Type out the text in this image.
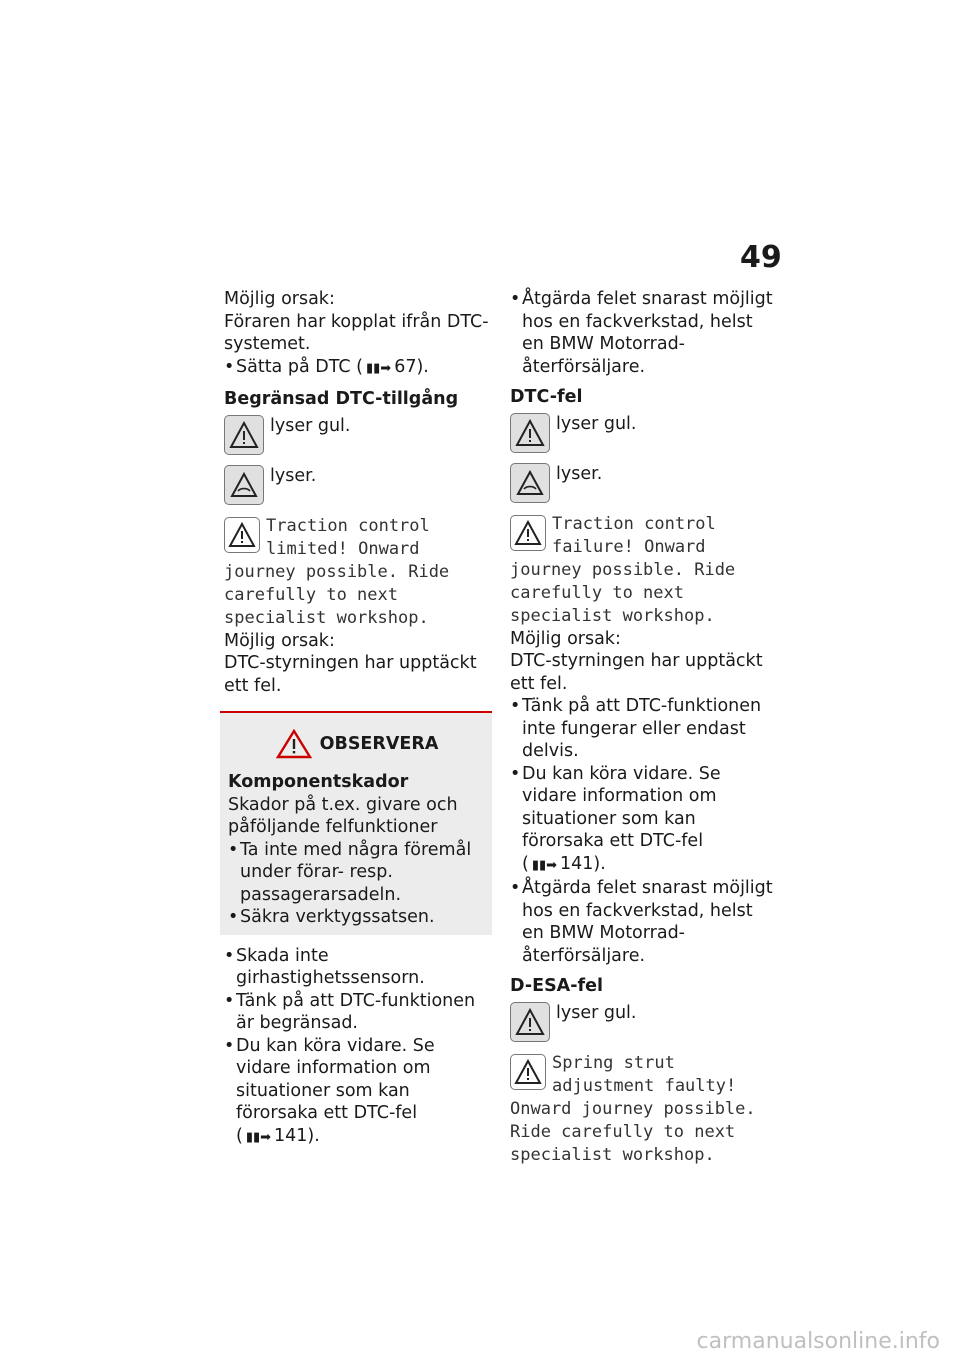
49

Möjlig orsak:

Föraren har kopplat ifrån DTC-systemet.

• Sätta på DTC ( ▮▮➡ 67).

Begränsad DTC-tillgång

lyser gul.
lyser.

Traction control limited! Onward journey possible. Ride carefully to next specialist workshop.

Möjlig orsak:

DTC-styrningen har upptäckt ett fel.

OBSERVERA

Komponentskador

Skador på t.ex. givare och påföljande felfunktioner

• Ta inte med några föremål under förar- resp. passagerarsadeln.

• Säkra verktygssatsen.

• Skada inte girhastighetssensorn.

• Tänk på att DTC-funktionen är begränsad.

• Du kan köra vidare. Se vidare information om situationer som kan förorsaka ett DTC-fel
( ▮▮➡ 141).

• Åtgärda felet snarast möjligt hos en fackverkstad, helst en BMW Motorrad-återförsäljare.

DTC-fel

lyser gul.
lyser.

Traction control failure! Onward journey possible. Ride carefully to next specialist workshop.

Möjlig orsak:

DTC-styrningen har upptäckt ett fel.

• Tänk på att DTC-funktionen inte fungerar eller endast delvis.

• Du kan köra vidare. Se vidare information om situationer som kan förorsaka ett DTC-fel
( ▮▮➡ 141).

• Åtgärda felet snarast möjligt hos en fackverkstad, helst en BMW Motorrad-återförsäljare.

D-ESA-fel

lyser gul.

Spring strut adjustment faulty! Onward journey possible. Ride carefully to next specialist workshop.

carmanualsonline.info
